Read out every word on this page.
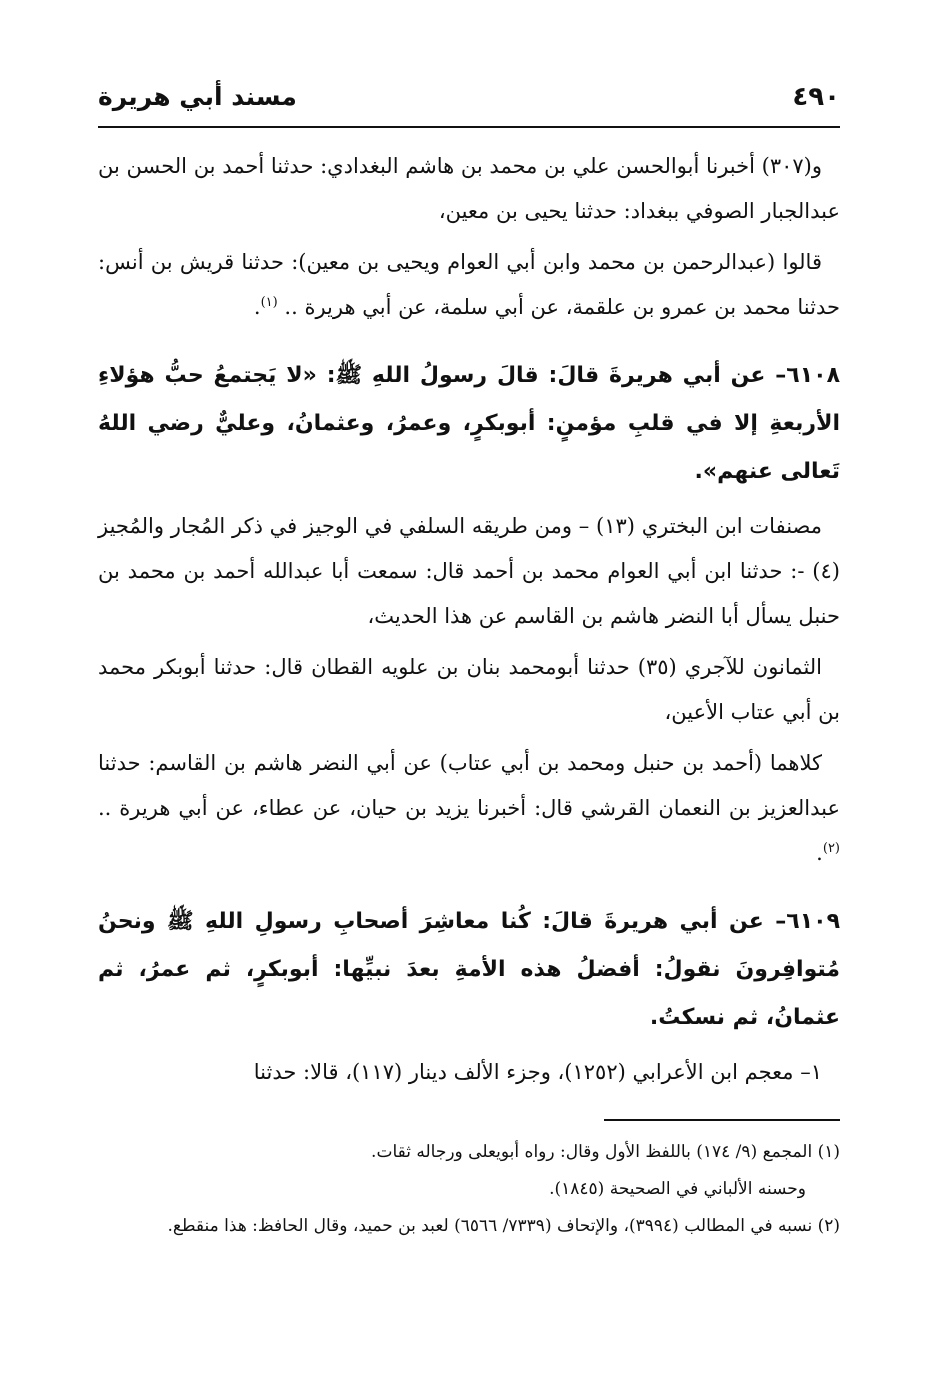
٤٩٠
مسند أبي هريرة

و(٣٠٧) أخبرنا أبوالحسن علي بن محمد بن هاشم البغدادي: حدثنا أحمد بن الحسن بن عبدالجبار الصوفي ببغداد: حدثنا يحيى بن معين،

قالوا (عبدالرحمن بن محمد وابن أبي العوام ويحيى بن معين): حدثنا قريش بن أنس: حدثنا محمد بن عمرو بن علقمة، عن أبي سلمة، عن أبي هريرة .. $^{(١)}$.

٦١٠٨– عن أبي هريرةَ قالَ: قالَ رسولُ اللهِ ﷺ: «لا يَجتمعُ حبُّ هؤلاءِ الأربعةِ إلا في قلبِ مؤمنٍ: أبوبكرٍ، وعمرُ، وعثمانُ، وعليٌّ رضي اللهُ تَعالى عنهم».

مصنفات ابن البختري (١٣) – ومن طريقه السلفي في الوجيز في ذكر المُجار والمُجيز (٤) -: حدثنا ابن أبي العوام محمد بن أحمد قال: سمعت أبا عبدالله أحمد بن محمد بن حنبل يسأل أبا النضر هاشم بن القاسم عن هذا الحديث،

الثمانون للآجري (٣٥) حدثنا أبومحمد بنان بن علويه القطان قال: حدثنا أبوبكر محمد بن أبي عتاب الأعين،

كلاهما (أحمد بن حنبل ومحمد بن أبي عتاب) عن أبي النضر هاشم بن القاسم: حدثنا عبدالعزيز بن النعمان القرشي قال: أخبرنا يزيد بن حيان، عن عطاء، عن أبي هريرة .. $^{(٢)}$.

٦١٠٩– عن أبي هريرةَ قالَ: كُنا معاشِرَ أصحابِ رسولِ اللهِ ﷺ ونحنُ مُتوافِرونَ نقولُ: أفضلُ هذه الأمةِ بعدَ نبيِّها: أبوبكرٍ، ثم عمرُ، ثم عثمانُ، ثم نسكتُ.

١– معجم ابن الأعرابي (١٢٥٢)، وجزء الألف دينار (١١٧)، قالا: حدثنا

(١) المجمع (٩/ ١٧٤) باللفظ الأول وقال: رواه أبويعلى ورجاله ثقات.

وحسنه الألباني في الصحيحة (١٨٤٥).

(٢) نسبه في المطالب (٣٩٩٤)، والإتحاف (٧٣٣٩/ ٦٥٦٦) لعبد بن حميد، وقال الحافظ: هذا منقطع.
